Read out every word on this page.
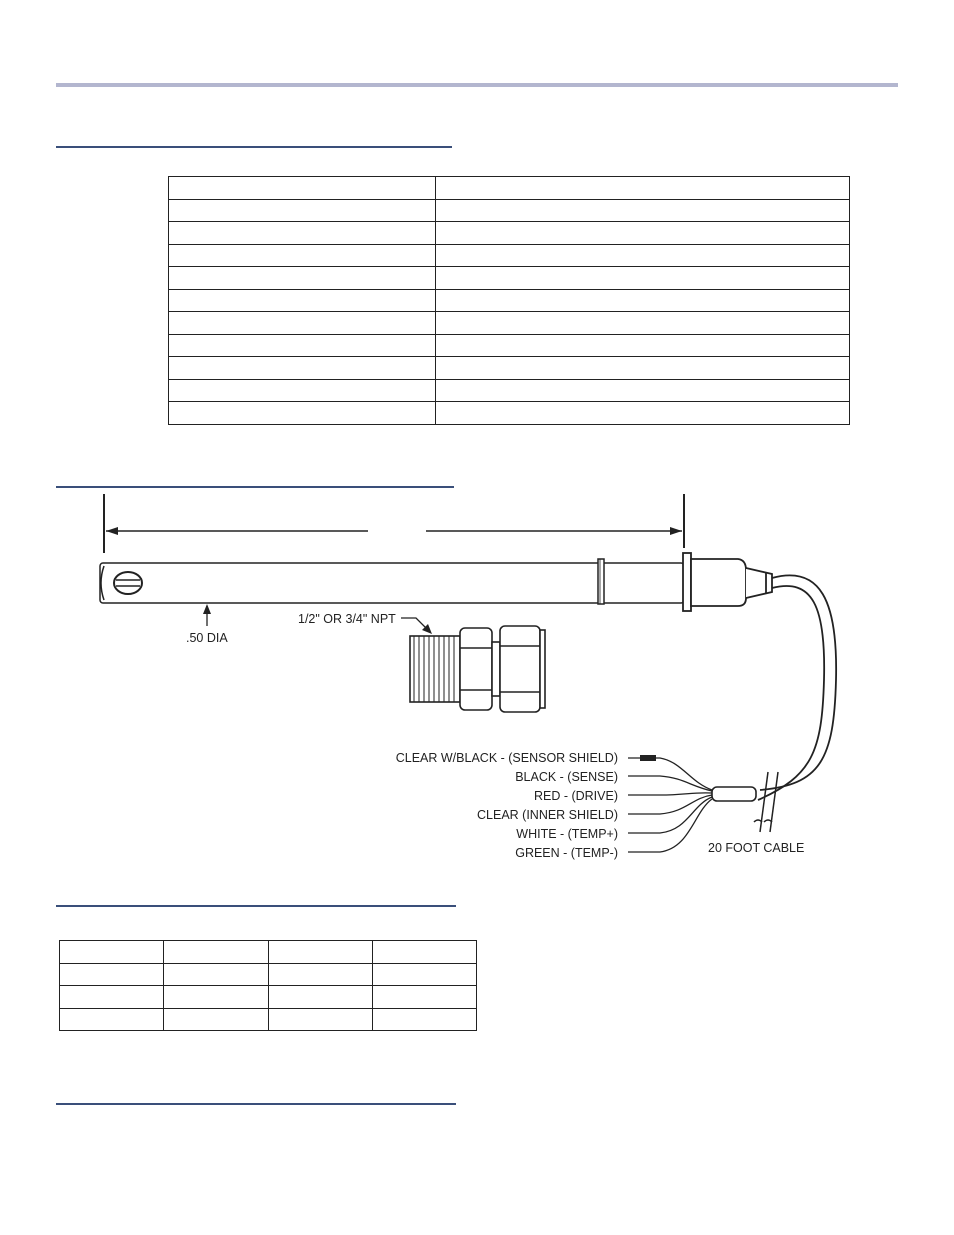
.50 DIA
1/2" OR 3/4" NPT
20 FOOT CABLE
CLEAR W/BLACK - (SENSOR SHIELD)
BLACK - (SENSE)
RED - (DRIVE)
CLEAR (INNER SHIELD)
WHITE - (TEMP+)
GREEN - (TEMP-)
